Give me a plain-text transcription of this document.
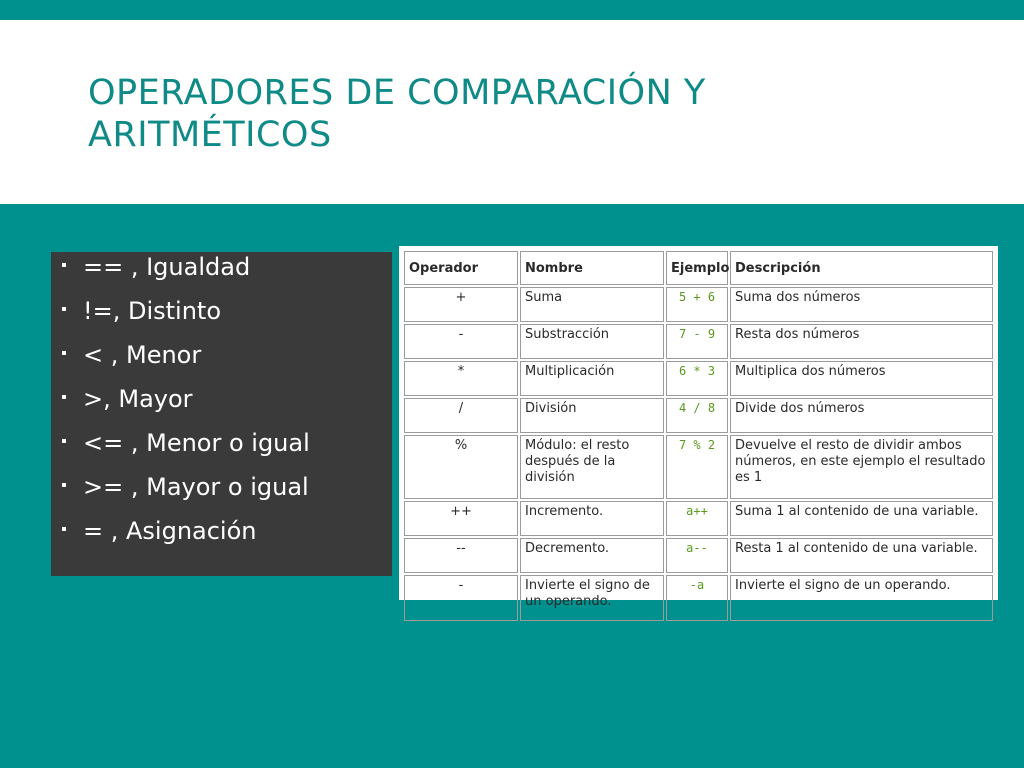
OPERADORES DE COMPARACIÓN Y ARITMÉTICOS
== , Igualdad
!=, Distinto
< , Menor
>, Mayor
<= , Menor o igual
>= , Mayor o igual
= , Asignación
Operador	Nombre	Ejemplo	Descripción
+	Suma	5 + 6	Suma dos números
-	Substracción	7 - 9	Resta dos números
*	Multiplicación	6 * 3	Multiplica dos números
/	División	4 / 8	Divide dos números
%	Módulo: el resto después de la división	7 % 2	Devuelve el resto de dividir ambos números, en este ejemplo el resultado es 1
++	Incremento.	a++	Suma 1 al contenido de una variable.
--	Decremento.	a--	Resta 1 al contenido de una variable.
-	Invierte el signo de un operando.	-a	Invierte el signo de un operando.
